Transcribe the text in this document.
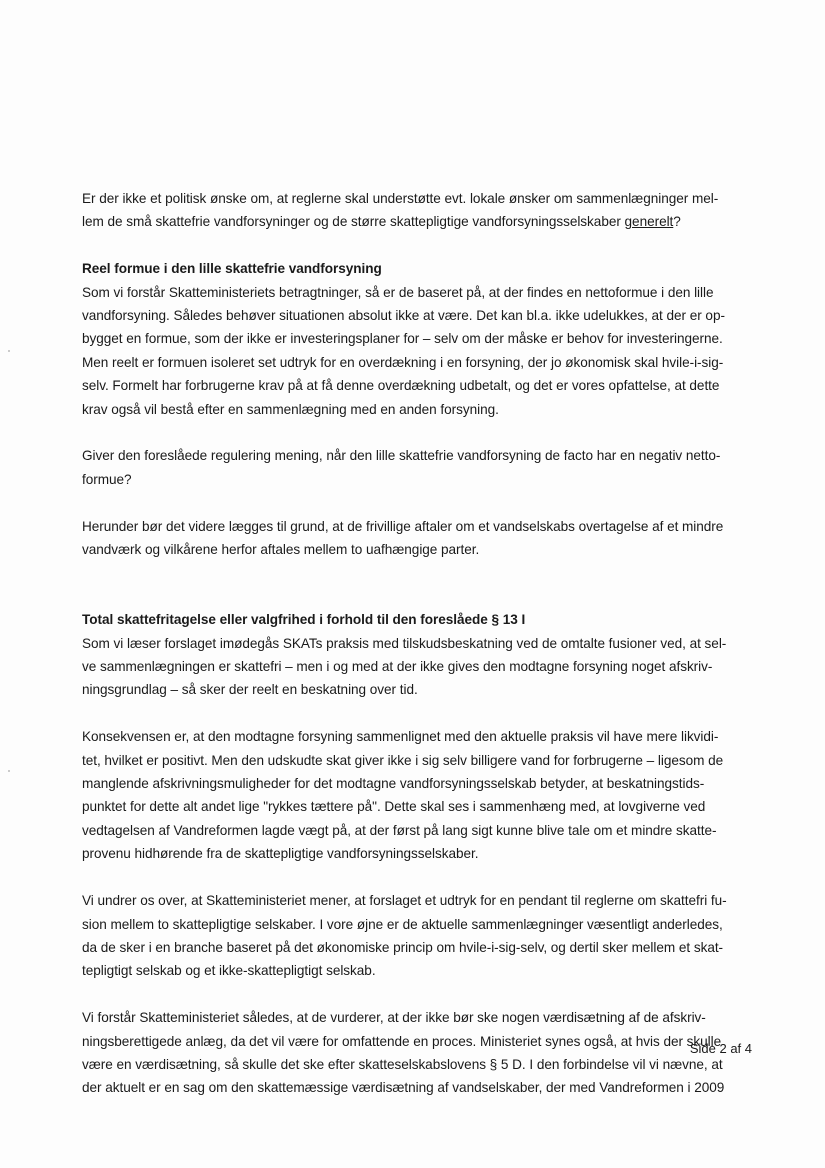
Er der ikke et politisk ønske om, at reglerne skal understøtte evt. lokale ønsker om sammenlægninger mel-
lem de små skattefrie vandforsyninger og de større skattepligtige vandforsyningsselskaber generelt?

Reel formue i den lille skattefrie vandforsyning

Som vi forstår Skatteministeriets betragtninger, så er de baseret på, at der findes en nettoformue i den lille
vandforsyning. Således behøver situationen absolut ikke at være. Det kan bl.a. ikke udelukkes, at der er op-
bygget en formue, som der ikke er investeringsplaner for – selv om der måske er behov for investeringerne.
Men reelt er formuen isoleret set udtryk for en overdækning i en forsyning, der jo økonomisk skal hvile-i-sig-
selv. Formelt har forbrugerne krav på at få denne overdækning udbetalt, og det er vores opfattelse, at dette
krav også vil bestå efter en sammenlægning med en anden forsyning.

Giver den foreslåede regulering mening, når den lille skattefrie vandforsyning de facto har en negativ netto-
formue?

Herunder bør det videre lægges til grund, at de frivillige aftaler om et vandselskabs overtagelse af et mindre
vandværk og vilkårene herfor aftales mellem to uafhængige parter.

Total skattefritagelse eller valgfrihed i forhold til den foreslåede § 13 I

Som vi læser forslaget imødegås SKATs praksis med tilskudsbeskatning ved de omtalte fusioner ved, at sel-
ve sammenlægningen er skattefri – men i og med at der ikke gives den modtagne forsyning noget afskriv-
ningsgrundlag – så sker der reelt en beskatning over tid.

Konsekvensen er, at den modtagne forsyning sammenlignet med den aktuelle praksis vil have mere likvidi-
tet, hvilket er positivt. Men den udskudte skat giver ikke i sig selv billigere vand for forbrugerne – ligesom de
manglende afskrivningsmuligheder for det modtagne vandforsyningsselskab betyder, at beskatningstids-
punktet for dette alt andet lige "rykkes tættere på". Dette skal ses i sammenhæng med, at lovgiverne ved
vedtagelsen af Vandreformen lagde vægt på, at der først på lang sigt kunne blive tale om et mindre skatte-
provenu hidhørende fra de skattepligtige vandforsyningsselskaber.

Vi undrer os over, at Skatteministeriet mener, at forslaget et udtryk for en pendant til reglerne om skattefri fu-
sion mellem to skattepligtige selskaber. I vore øjne er de aktuelle sammenlægninger væsentligt anderledes,
da de sker i en branche baseret på det økonomiske princip om hvile-i-sig-selv, og dertil sker mellem et skat-
tepligtigt selskab og et ikke-skattepligtigt selskab.

Vi forstår Skatteministeriet således, at de vurderer, at der ikke bør ske nogen værdisætning af de afskriv-
ningsberettigede anlæg, da det vil være for omfattende en proces. Ministeriet synes også, at hvis der skulle
være en værdisætning, så skulle det ske efter skatteselskabslovens § 5 D. I den forbindelse vil vi nævne, at
der aktuelt er en sag om den skattemæssige værdisætning af vandselskaber, der med Vandreformen i 2009

Side 2 af 4
